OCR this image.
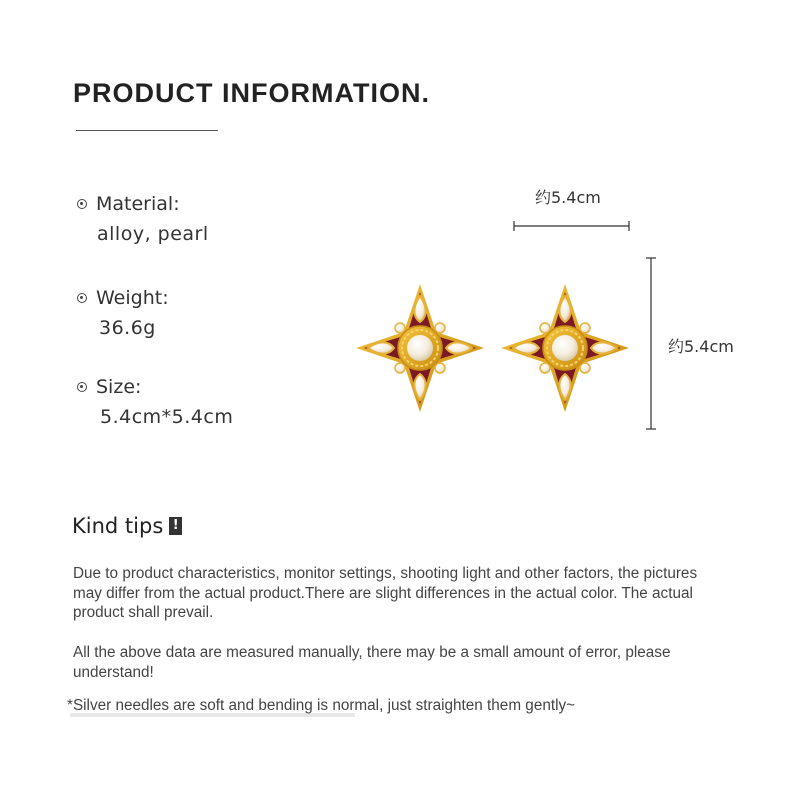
PRODUCT INFORMATION.
Material:
alloy, pearl
Weight:
36.6g
Size:
5.4cm*5.4cm
约5.4cm
约5.4cm
Kind tips !
Due to product characteristics, monitor settings, shooting light and other factors, the pictures may differ from the actual product.There are slight differences in the actual color. The actual product shall prevail.
All the above data are measured manually, there may be a small amount of error, please understand!
*Silver needles are soft and bending is normal, just straighten them gently~
